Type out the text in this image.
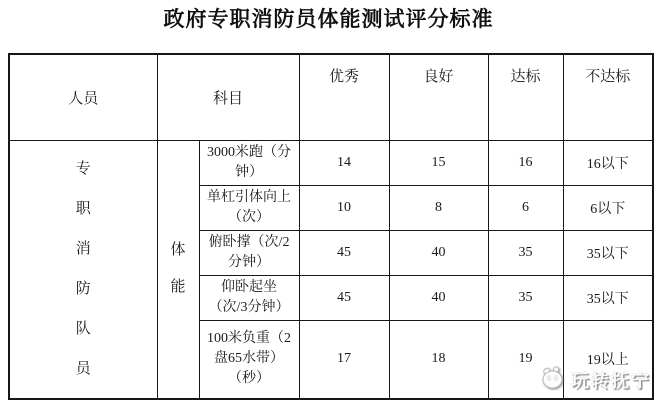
政府专职消防员体能测试评分标准
人员	科目		优秀	良好	达标	不达标

专职消防队员	体能	3000米跑（分钟）	14	15	16	16以下
		单杠引体向上（次）	10	8	6	6以下
		俯卧撑（次/2分钟）	45	40	35	35以下
		仰卧起坐（次/3分钟）	45	40	35	35以下
		100米负重（2盘65水带）（秒）	17	18	19	19以上
玩转抚宁
